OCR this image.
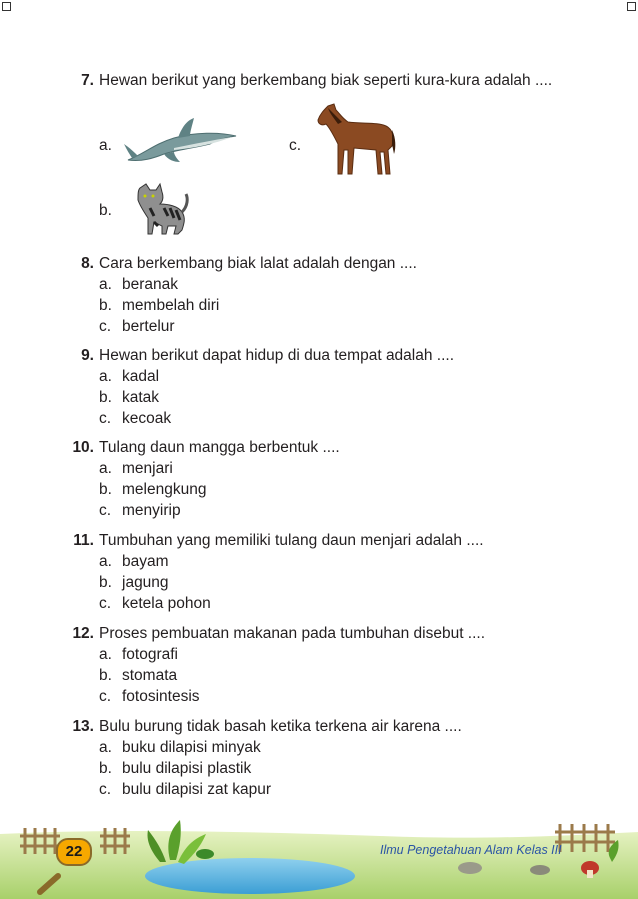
7. Hewan berikut yang berkembang biak seperti kura-kura adalah ....
a.
b.
c.
8. Cara berkembang biak lalat adalah dengan ....
a. beranak
b. membelah diri
c. bertelur
9. Hewan berikut dapat hidup di dua tempat adalah ....
a. kadal
b. katak
c. kecoak
10. Tulang daun mangga berbentuk ....
a. menjari
b. melengkung
c. menyirip
11. Tumbuhan yang memiliki tulang daun menjari adalah ....
a. bayam
b. jagung
c. ketela pohon
12. Proses pembuatan makanan pada tumbuhan disebut ....
a. fotografi
b. stomata
c. fotosintesis
13. Bulu burung tidak basah ketika terkena air karena ....
a. buku dilapisi minyak
b. bulu dilapisi plastik
c. bulu dilapisi zat kapur
22	Ilmu Pengetahuan Alam Kelas III
